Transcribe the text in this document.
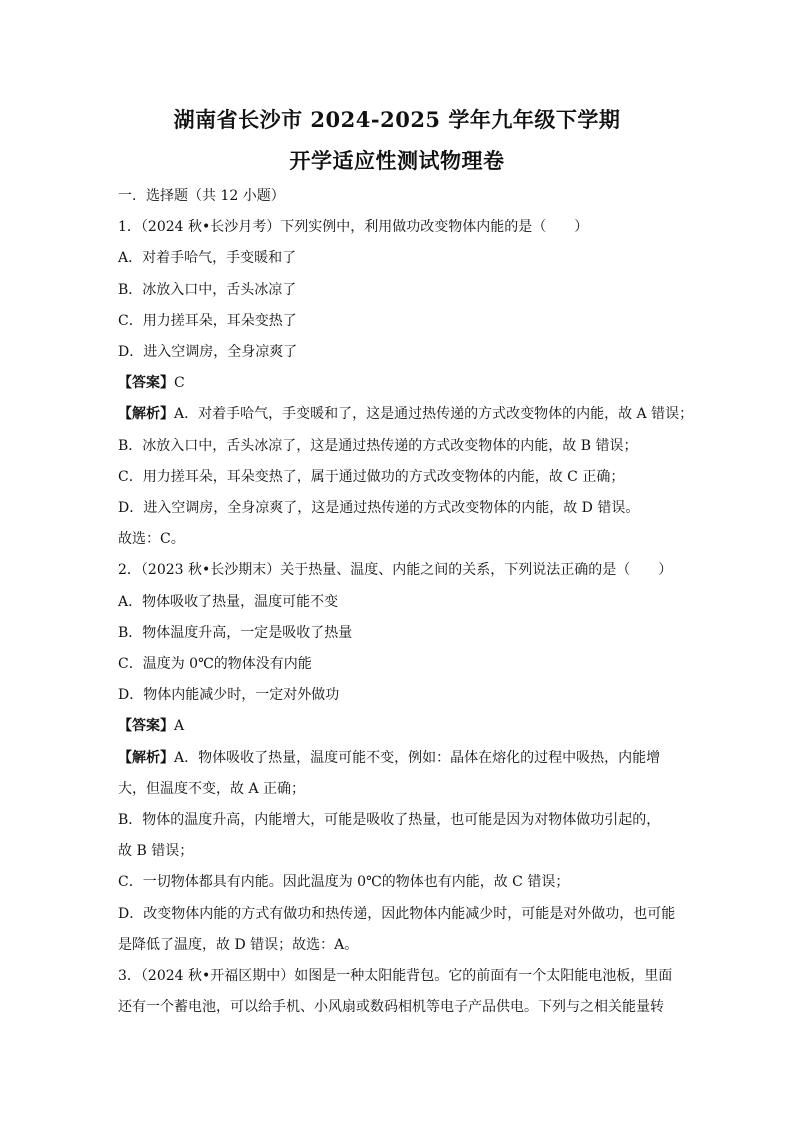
湖南省长沙市 2024-2025 学年九年级下学期
开学适应性测试物理卷
一．选择题（共 12 小题）
1．（2024 秋•长沙月考）下列实例中，利用做功改变物体内能的是（　　）
A．对着手哈气，手变暖和了
B．冰放入口中，舌头冰凉了
C．用力搓耳朵，耳朵变热了
D．进入空调房，全身凉爽了
【答案】C
【解析】A．对着手哈气，手变暖和了，这是通过热传递的方式改变物体的内能，故 A 错误；
B．冰放入口中，舌头冰凉了，这是通过热传递的方式改变物体的内能，故 B 错误；
C．用力搓耳朵，耳朵变热了，属于通过做功的方式改变物体的内能，故 C 正确；
D．进入空调房，全身凉爽了，这是通过热传递的方式改变物体的内能，故 D 错误。
故选：C。
2．（2023 秋•长沙期末）关于热量、温度、内能之间的关系，下列说法正确的是（　　）
A．物体吸收了热量，温度可能不变
B．物体温度升高，一定是吸收了热量
C．温度为 0℃的物体没有内能
D．物体内能减少时，一定对外做功
【答案】A
【解析】A．物体吸收了热量，温度可能不变，例如：晶体在熔化的过程中吸热，内能增
大，但温度不变，故 A 正确；
B．物体的温度升高，内能增大，可能是吸收了热量，也可能是因为对物体做功引起的，
故 B 错误；
C．一切物体都具有内能。因此温度为 0℃的物体也有内能，故 C 错误；
D．改变物体内能的方式有做功和热传递，因此物体内能减少时，可能是对外做功，也可能
是降低了温度，故 D 错误；故选：A。
3．（2024 秋•开福区期中）如图是一种太阳能背包。它的前面有一个太阳能电池板，里面
还有一个蓄电池，可以给手机、小风扇或数码相机等电子产品供电。下列与之相关能量转
